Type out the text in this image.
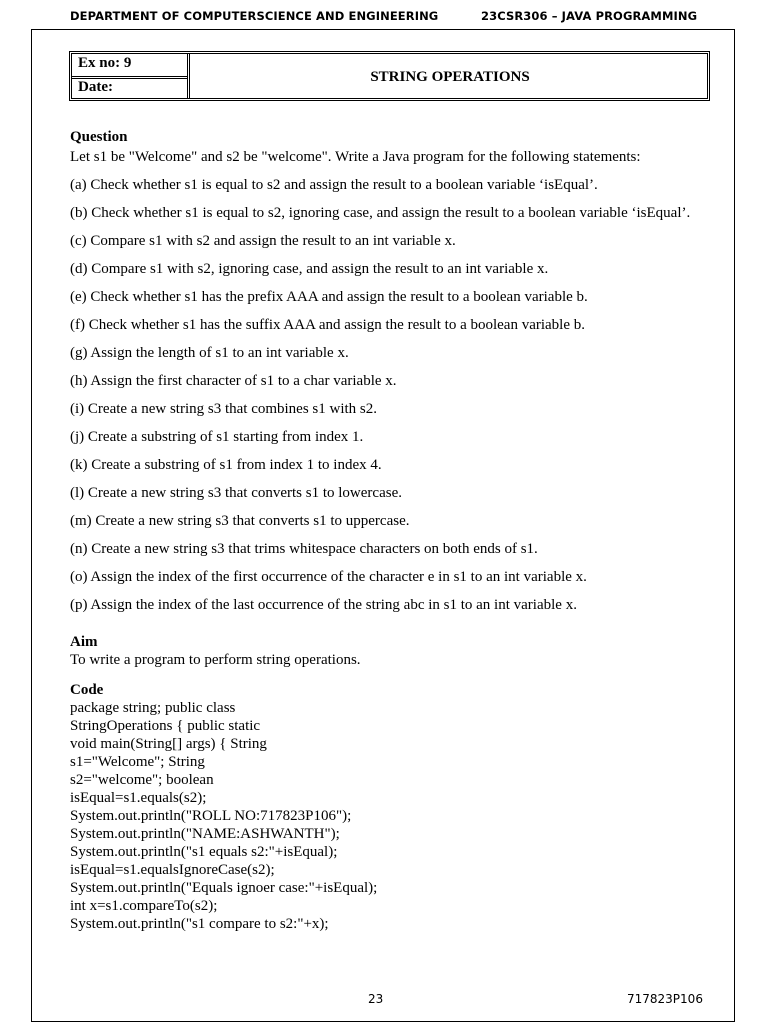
DEPARTMENT OF COMPUTERSCIENCE AND ENGINEERING	23CSR306 – JAVA PROGRAMMING
Ex no: 9
Date:
STRING OPERATIONS
Question

Let s1 be "Welcome" and s2 be "welcome". Write a Java program for the following statements:

(a) Check whether s1 is equal to s2 and assign the result to a boolean variable ‘isEqual’.

(b) Check whether s1 is equal to s2, ignoring case, and assign the result to a boolean variable ‘isEqual’.

(c) Compare s1 with s2 and assign the result to an int variable x.

(d) Compare s1 with s2, ignoring case, and assign the result to an int variable x.

(e) Check whether s1 has the prefix AAA and assign the result to a boolean variable b.

(f) Check whether s1 has the suffix AAA and assign the result to a boolean variable b.

(g) Assign the length of s1 to an int variable x.

(h) Assign the first character of s1 to a char variable x.

(i) Create a new string s3 that combines s1 with s2.

(j) Create a substring of s1 starting from index 1.

(k) Create a substring of s1 from index 1 to index 4.

(l) Create a new string s3 that converts s1 to lowercase.

(m) Create a new string s3 that converts s1 to uppercase.

(n) Create a new string s3 that trims whitespace characters on both ends of s1.

(o) Assign the index of the first occurrence of the character e in s1 to an int variable x.

(p) Assign the index of the last occurrence of the string abc in s1 to an int variable x.

Aim

To write a program to perform string operations.

Code
package string; public class
StringOperations { public static
void main(String[] args) { String
s1="Welcome"; String
s2="welcome"; boolean
isEqual=s1.equals(s2);
System.out.println("ROLL NO:717823P106");
System.out.println("NAME:ASHWANTH");
System.out.println("s1 equals s2:"+isEqual);
isEqual=s1.equalsIgnoreCase(s2);
System.out.println("Equals ignoer case:"+isEqual);
int x=s1.compareTo(s2);
System.out.println("s1 compare to s2:"+x);
23	717823P106
